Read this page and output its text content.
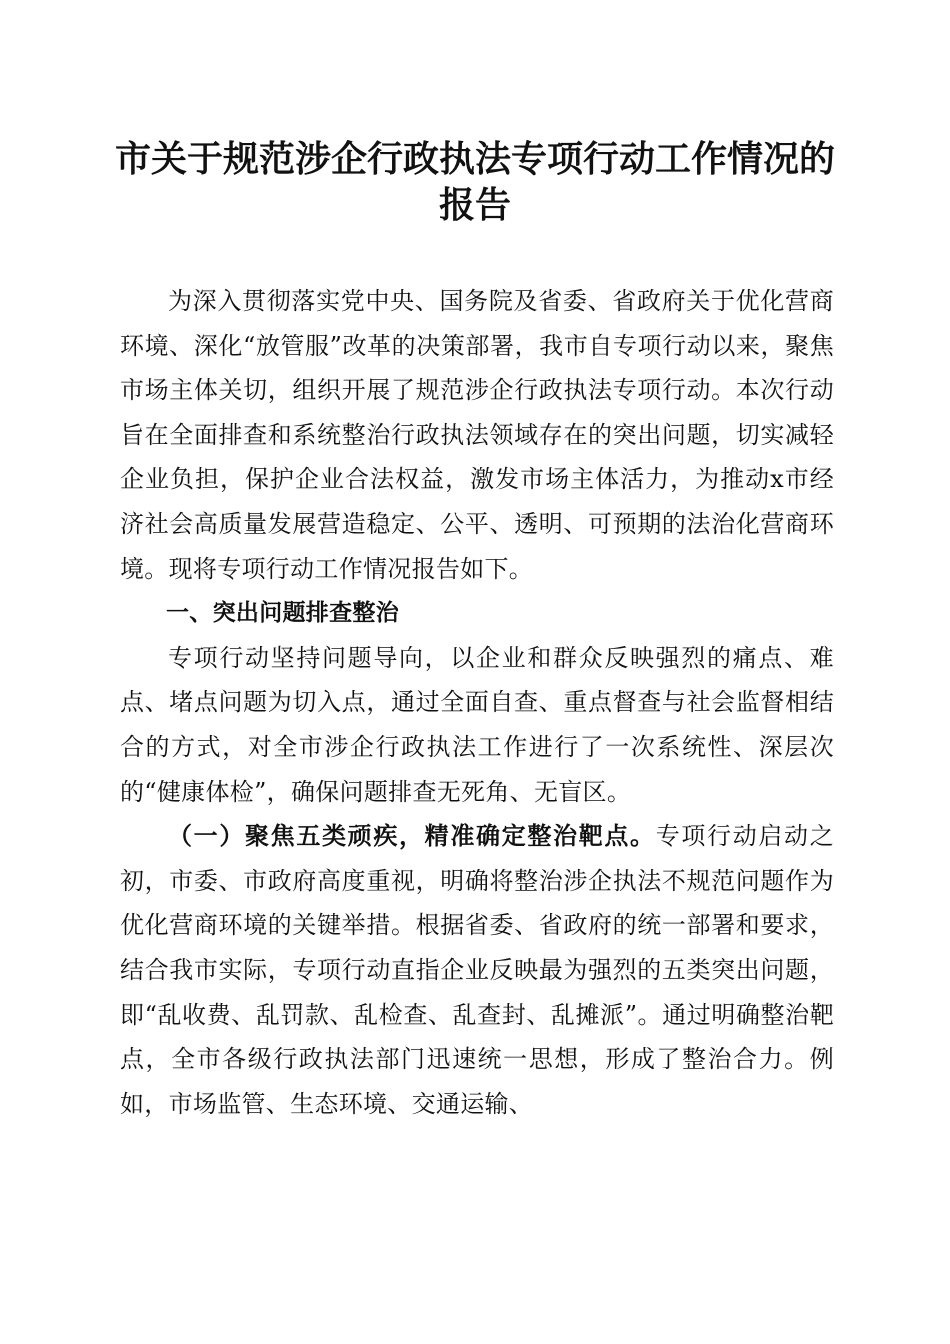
市关于规范涉企行政执法专项行动工作情况的报告

为深入贯彻落实党中央、国务院及省委、省政府关于优化营商环境、深化“放管服”改革的决策部署，我市自专项行动以来，聚焦市场主体关切，组织开展了规范涉企行政执法专项行动。本次行动旨在全面排查和系统整治行政执法领域存在的突出问题，切实减轻企业负担，保护企业合法权益，激发市场主体活力，为推动x市经济社会高质量发展营造稳定、公平、透明、可预期的法治化营商环境。现将专项行动工作情况报告如下。

一、突出问题排查整治

专项行动坚持问题导向，以企业和群众反映强烈的痛点、难点、堵点问题为切入点，通过全面自查、重点督查与社会监督相结合的方式，对全市涉企行政执法工作进行了一次系统性、深层次的“健康体检”，确保问题排查无死角、无盲区。

（一）聚焦五类顽疾，精准确定整治靶点。专项行动启动之初，市委、市政府高度重视，明确将整治涉企执法不规范问题作为优化营商环境的关键举措。根据省委、省政府的统一部署和要求，结合我市实际，专项行动直指企业反映最为强烈的五类突出问题，即“乱收费、乱罚款、乱检查、乱查封、乱摊派”。通过明确整治靶点，全市各级行政执法部门迅速统一思想，形成了整治合力。例如，市场监管、生态环境、交通运输、
